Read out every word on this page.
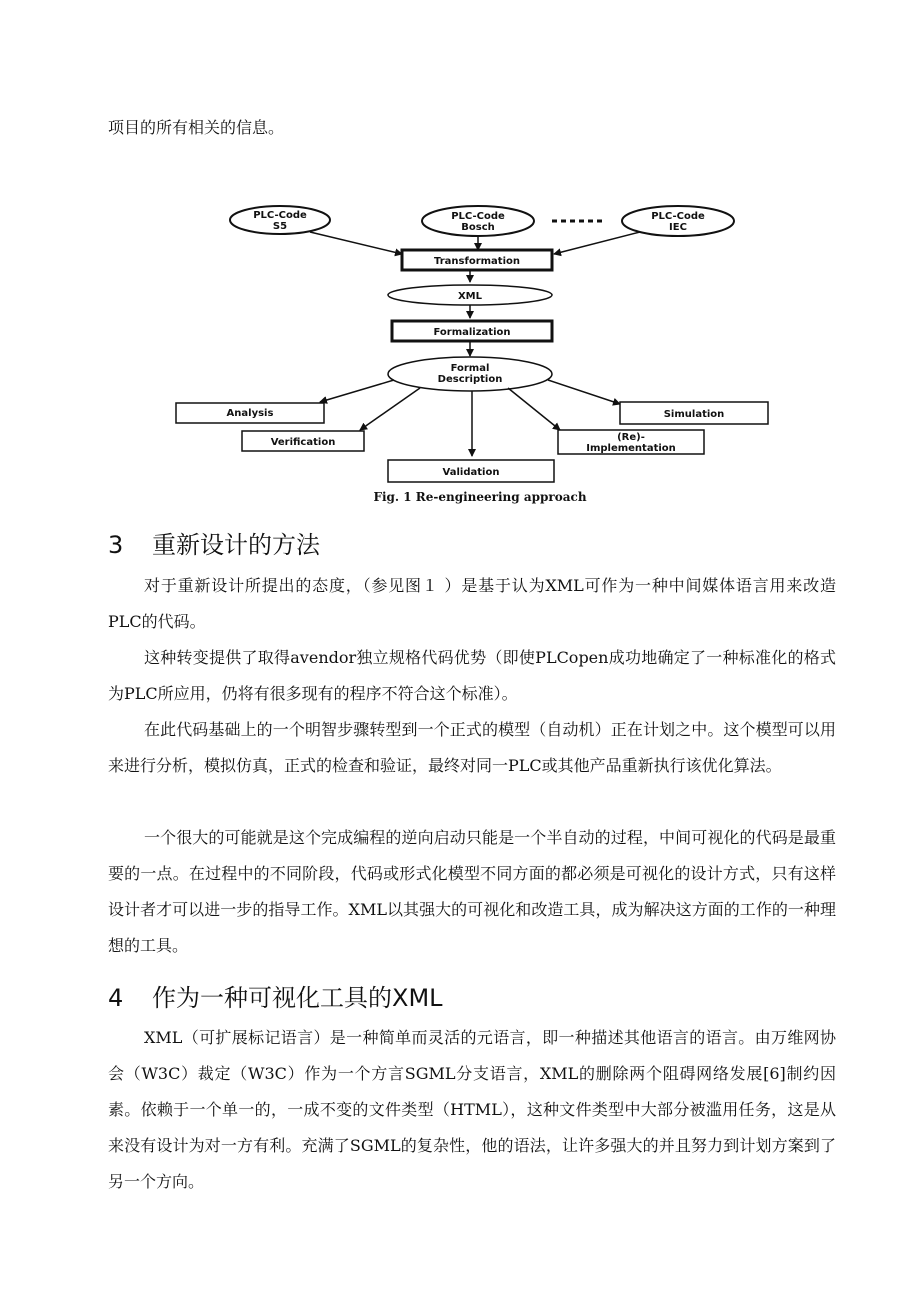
项目的所有相关的信息。
PLC-Code
S5
PLC-Code
Bosch
PLC-Code
IEC
Transformation
XML
Formalization
Formal
Description
Analysis
Verification
Validation
(Re)-
Implementation
Simulation
Fig. 1 Re-engineering approach
3 重新设计的方法

对于重新设计所提出的态度，（参见图１ ）是基于认为XML可作为一种中间媒体语言用来改造PLC的代码。

这种转变提供了取得avendor独立规格代码优势（即使PLCopen成功地确定了一种标准化的格式为PLC所应用，仍将有很多现有的程序不符合这个标准）。

在此代码基础上的一个明智步骤转型到一个正式的模型（自动机）正在计划之中。这个模型可以用来进行分析，模拟仿真，正式的检查和验证，最终对同一PLC或其他产品重新执行该优化算法。

一个很大的可能就是这个完成编程的逆向启动只能是一个半自动的过程，中间可视化的代码是最重要的一点。在过程中的不同阶段，代码或形式化模型不同方面的都必须是可视化的设计方式，只有这样设计者才可以进一步的指导工作。XML以其强大的可视化和改造工具，成为解决这方面的工作的一种理想的工具。

4 作为一种可视化工具的XML

XML（可扩展标记语言）是一种简单而灵活的元语言，即一种描述其他语言的语言。由万维网协会（W3C）裁定（W3C）作为一个方言SGML分支语言，XML的删除两个阻碍网络发展[6]制约因素。依赖于一个单一的，一成不变的文件类型（HTML），这种文件类型中大部分被滥用任务，这是从来没有设计为对一方有利。充满了SGML的复杂性，他的语法，让许多强大的并且努力到计划方案到了另一个方向。
